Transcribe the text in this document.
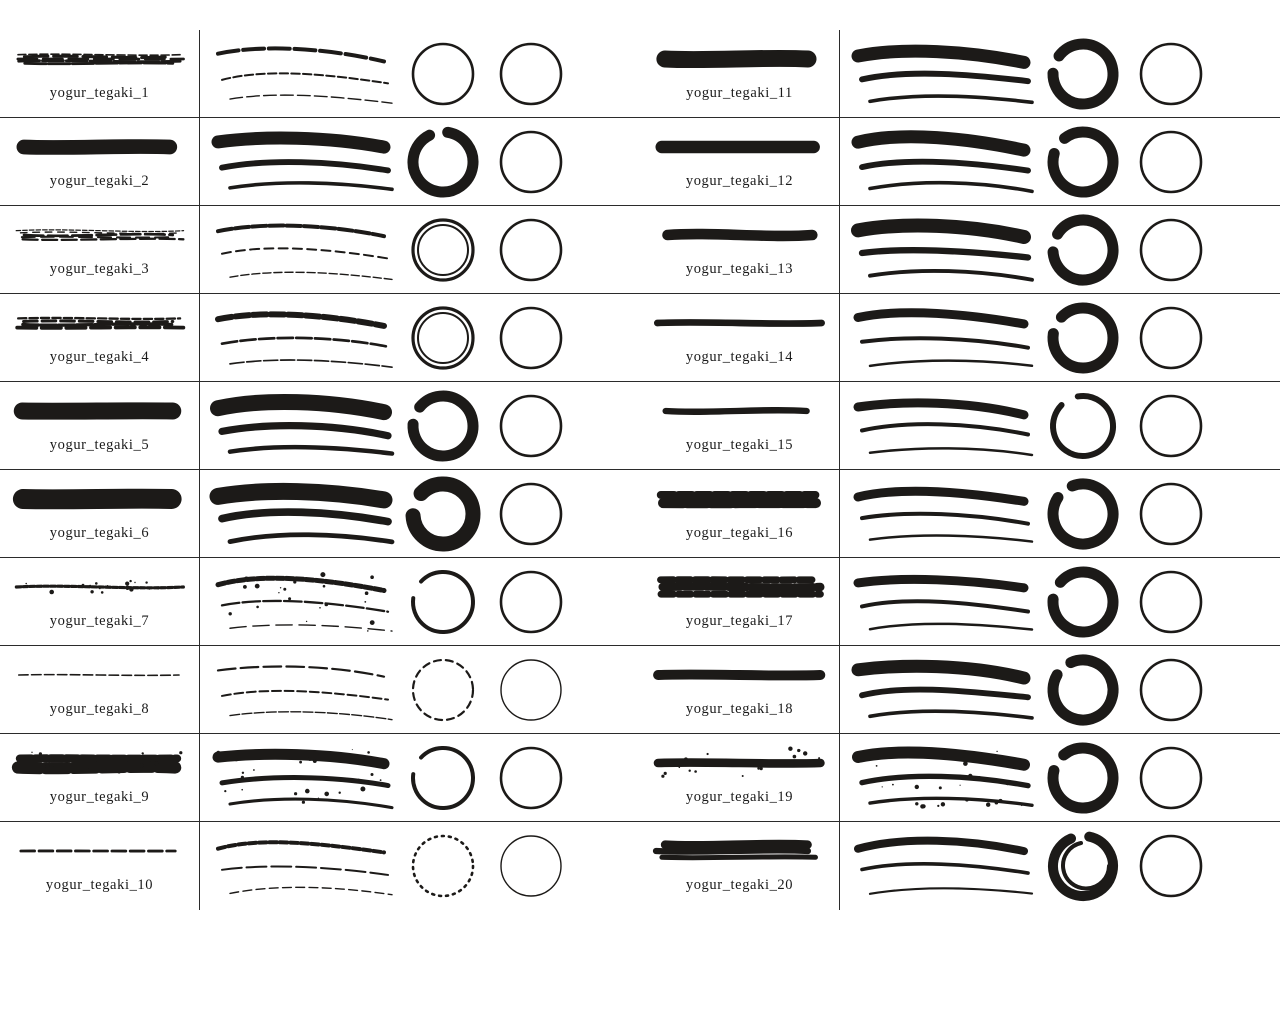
yogur_tegaki_1
yogur_tegaki_2
yogur_tegaki_3
yogur_tegaki_4
yogur_tegaki_5
yogur_tegaki_6
yogur_tegaki_7
yogur_tegaki_8
yogur_tegaki_9
yogur_tegaki_10
yogur_tegaki_11
yogur_tegaki_12
yogur_tegaki_13
yogur_tegaki_14
yogur_tegaki_15
yogur_tegaki_16
yogur_tegaki_17
yogur_tegaki_18
yogur_tegaki_19
yogur_tegaki_20
